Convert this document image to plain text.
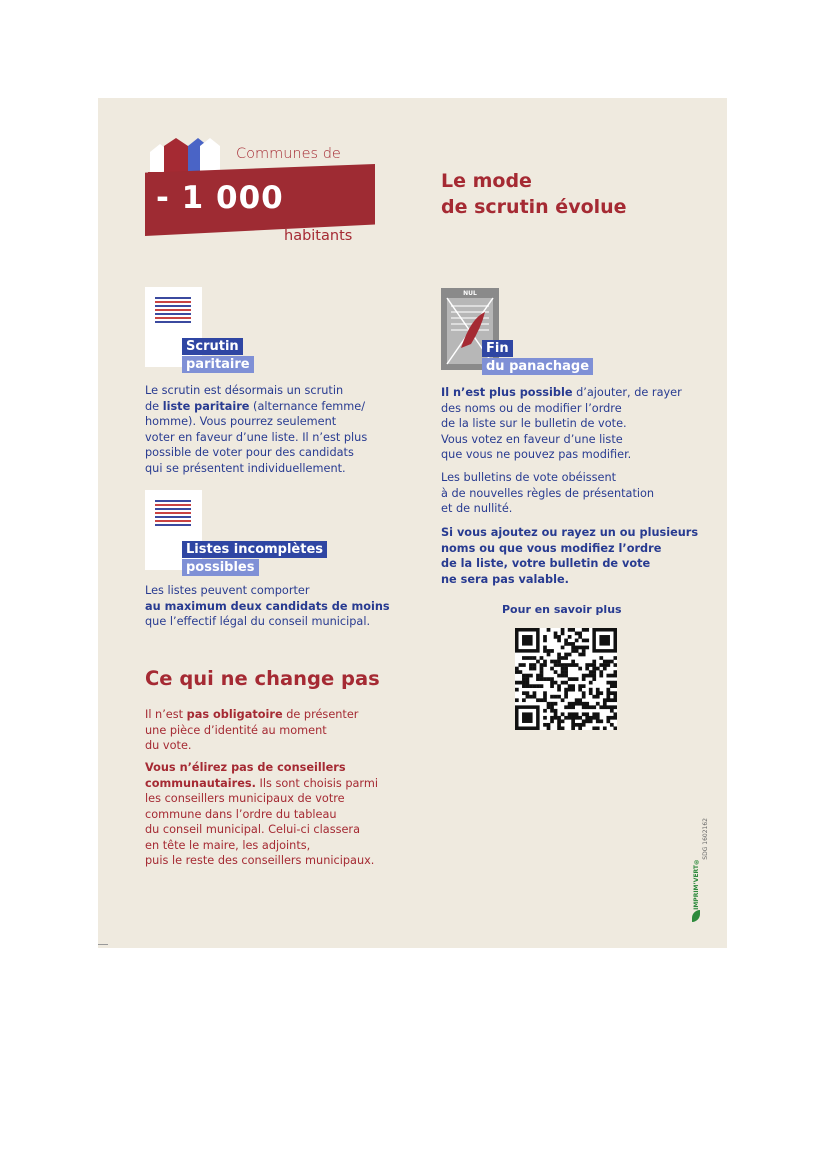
Communes de
- 1 000
habitants
Le mode
de scrutin évolue
Scrutin
paritaire
Le scrutin est désormais un scrutin
de liste paritaire (alternance femme/
homme). Vous pourrez seulement
voter en faveur d’une liste. Il n’est plus
possible de voter pour des candidats
qui se présentent individuellement.
Listes incomplètes
possibles
Les listes peuvent comporter
au maximum deux candidats de moins
que l’effectif légal du conseil municipal.
Ce qui ne change pas
Il n’est pas obligatoire de présenter
une pièce d’identité au moment
du vote.
Vous n’élirez pas de conseillers
communautaires. Ils sont choisis parmi
les conseillers municipaux de votre
commune dans l’ordre du tableau
du conseil municipal. Celui-ci classera
en tête le maire, les adjoints,
puis le reste des conseillers municipaux.
NUL
Fin
du panachage
Il n’est plus possible d’ajouter, de rayer
des noms ou de modifier l’ordre
de la liste sur le bulletin de vote.
Vous votez en faveur d’une liste
que vous ne pouvez pas modifier.
Les bulletins de vote obéissent
à de nouvelles règles de présentation
et de nullité.
Si vous ajoutez ou rayez un ou plusieurs
noms ou que vous modifiez l’ordre
de la liste, votre bulletin de vote
ne sera pas valable.
Pour en savoir plus
SDG 1602162
IMPRIM’VERT®
